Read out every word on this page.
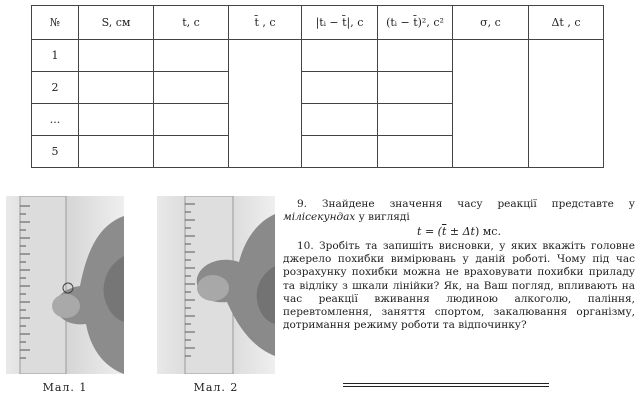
№	S, см	t, с	t̄ , с	|tᵢ − t̄|, с	(tᵢ − t̄)², с²	σ, с	Δt , с
1							
2							
...							
5							
Мал. 1	Мал. 2

9. Знайдене значення часу реакції представте у мілісекундах у вигляді

$t = (\overline{t} \pm \Delta t)$ мс.

10. Зробіть та запишіть висновки, у яких вкажіть головне джерело похибки вимірювань у даній роботі. Чому під час розрахунку похибки можна не враховувати похибки приладу та відліку з шкали лінійки? Як, на Ваш погляд, впливають на час реакції вживання людиною алкоголю, паління, перевтомлення, заняття спортом, закалювання організму, дотримання режиму роботи та відпочинку?
